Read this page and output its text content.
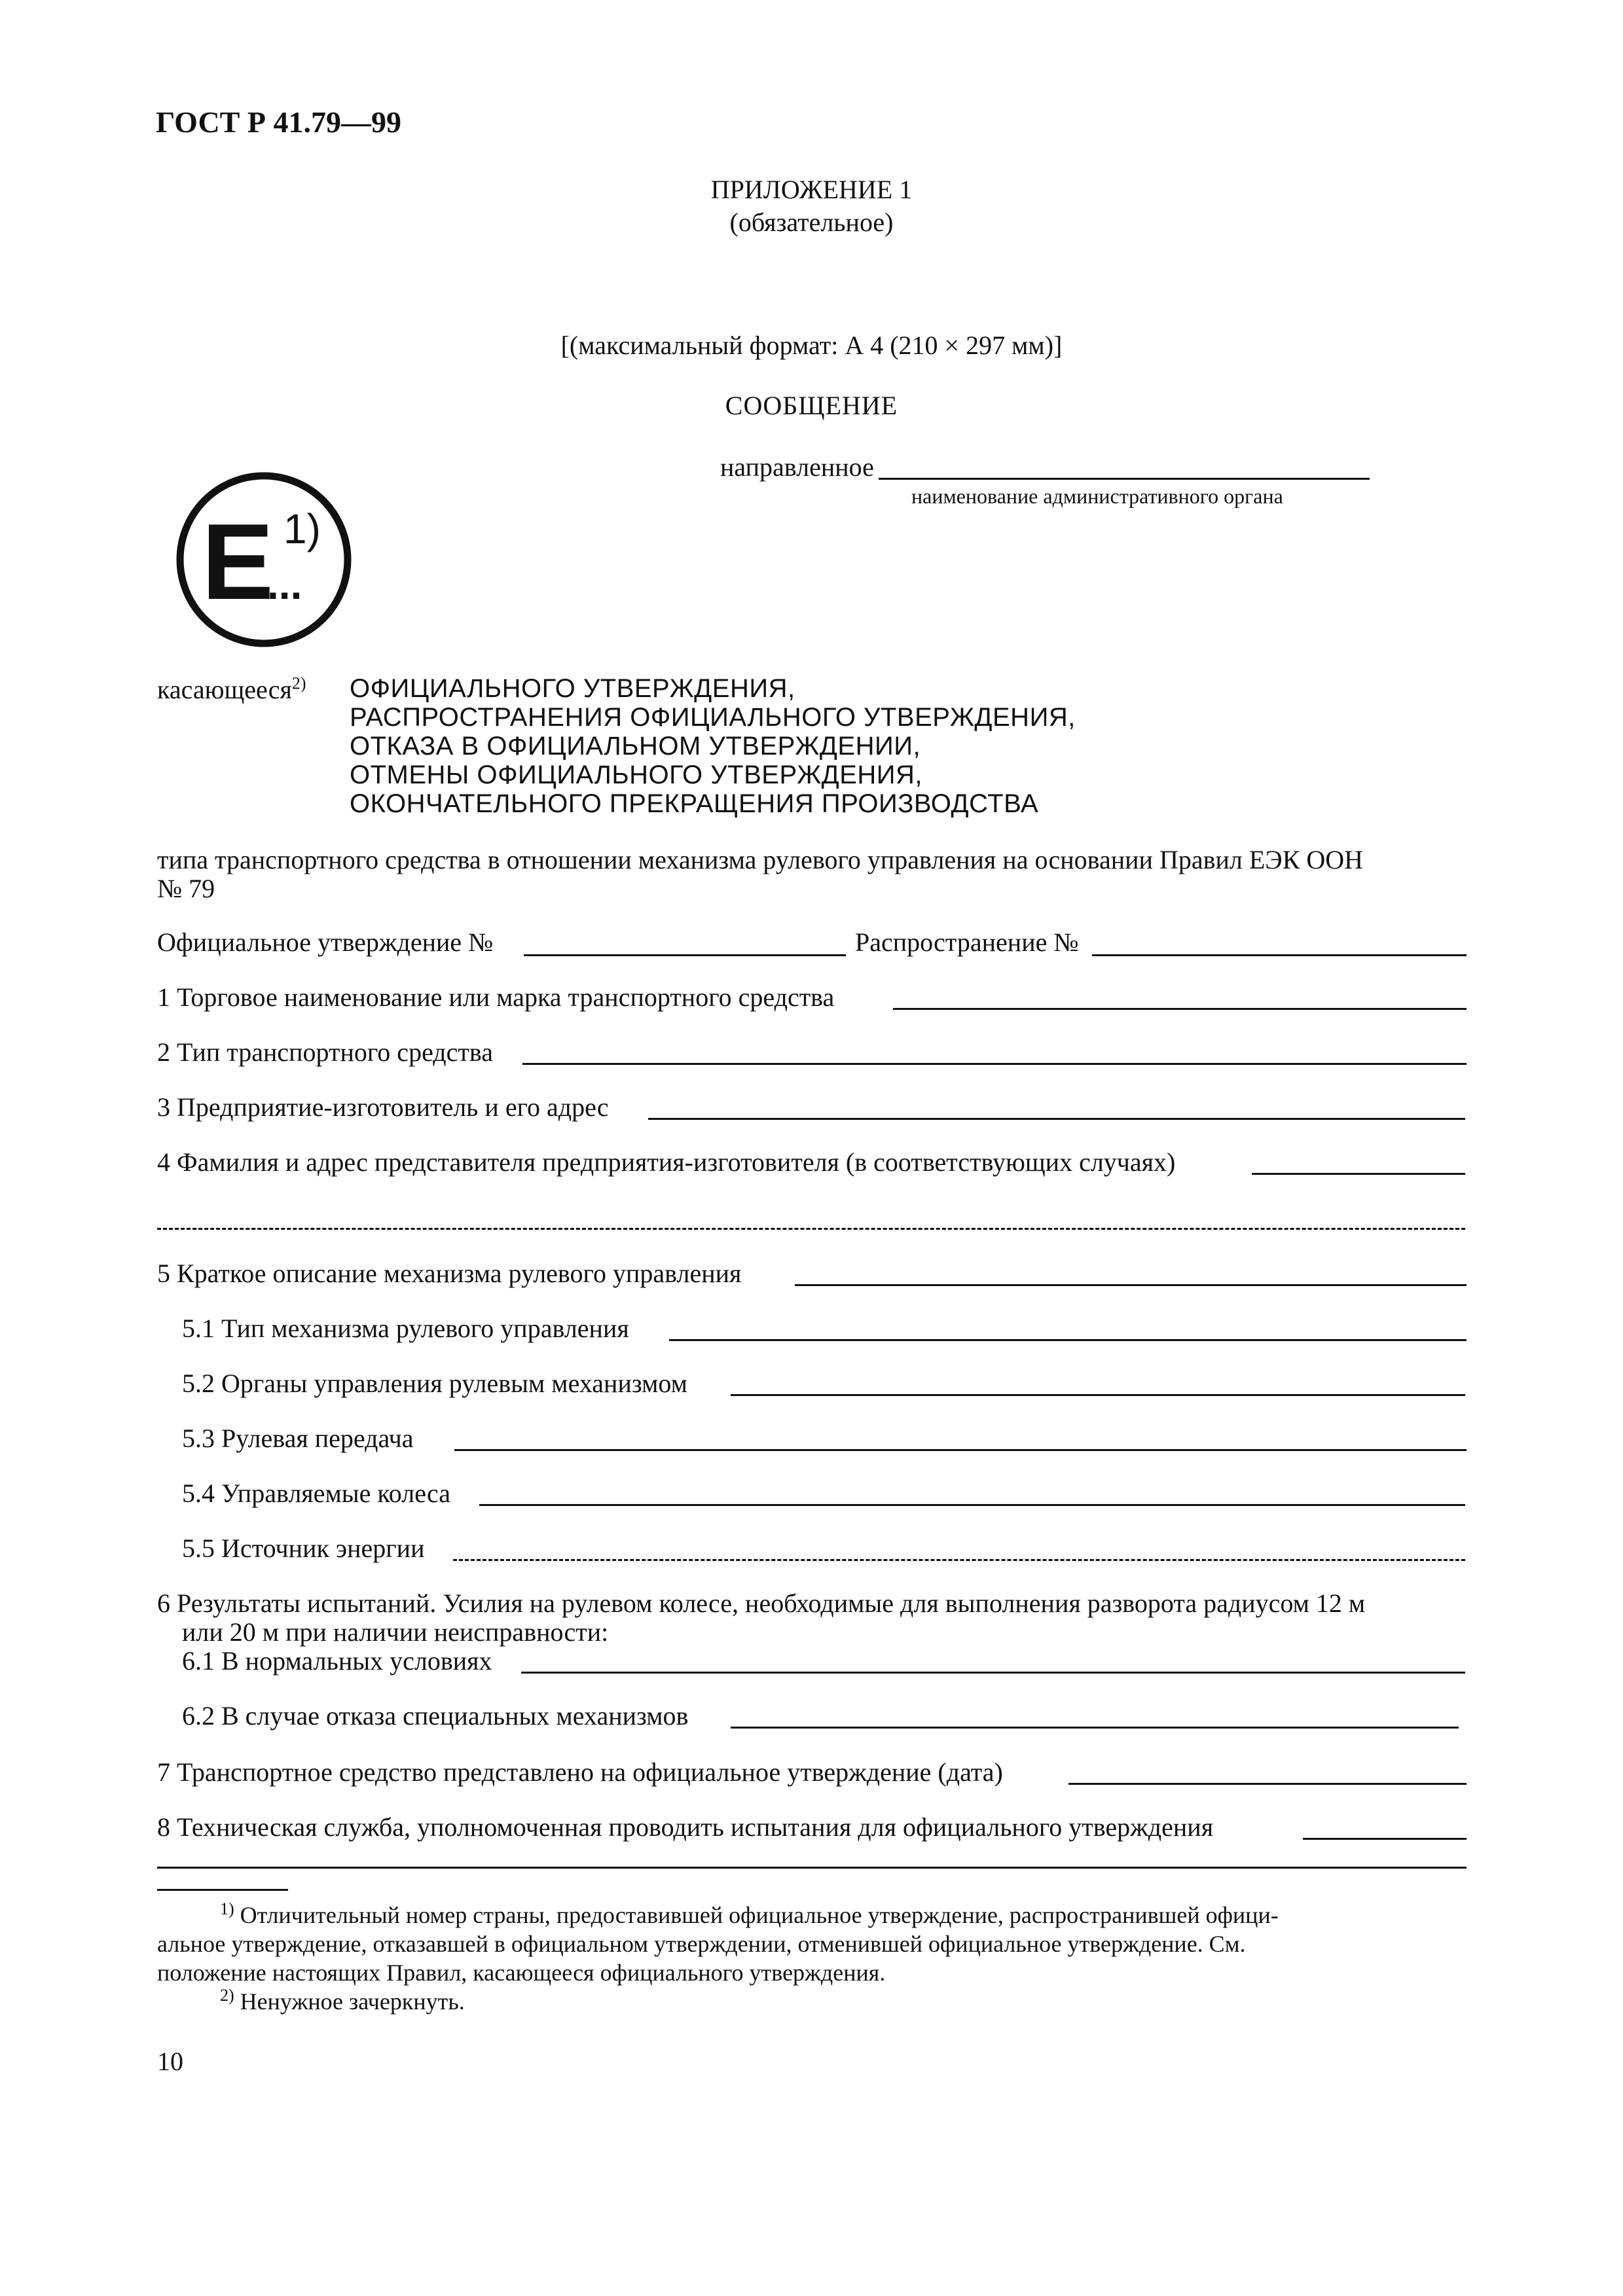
ГОСТ Р 41.79—99
ПРИЛОЖЕНИЕ 1
(обязательное)
[(максимальный формат: А 4 (210 × 297 мм)]
СООБЩЕНИЕ
направленное
наименование административного органа
E 1)
...
касающееся$^{2)}$ ОФИЦИАЛЬНОГО УТВЕРЖДЕНИЯ,
РАСПРОСТРАНЕНИЯ ОФИЦИАЛЬНОГО УТВЕРЖДЕНИЯ,
ОТКАЗА В ОФИЦИАЛЬНОМ УТВЕРЖДЕНИИ,
ОТМЕНЫ ОФИЦИАЛЬНОГО УТВЕРЖДЕНИЯ,
ОКОНЧАТЕЛЬНОГО ПРЕКРАЩЕНИЯ ПРОИЗВОДСТВА
типа транспортного средства в отношении механизма рулевого управления на основании Правил ЕЭК ООН
№ 79
Официальное утверждение №	Распространение №
1 Торговое наименование или марка транспортного средства
2 Тип транспортного средства
3 Предприятие-изготовитель и его адрес
4 Фамилия и адрес представителя предприятия-изготовителя (в соответствующих случаях)
5 Краткое описание механизма рулевого управления
5.1 Тип механизма рулевого управления
5.2 Органы управления рулевым механизмом
5.3 Рулевая передача
5.4 Управляемые колеса
5.5 Источник энергии
6 Результаты испытаний. Усилия на рулевом колесе, необходимые для выполнения разворота радиусом 12 м
или 20 м при наличии неисправности:
6.1 В нормальных условиях
6.2 В случае отказа специальных механизмов
7 Транспортное средство представлено на официальное утверждение (дата)
8 Техническая служба, уполномоченная проводить испытания для официального утверждения
$^{1)}$ Отличительный номер страны, предоставившей официальное утверждение, распространившей офици-
альное утверждение, отказавшей в официальном утверждении, отменившей официальное утверждение. См.
положение настоящих Правил, касающееся официального утверждения.
$^{2)}$ Ненужное зачеркнуть.
10
